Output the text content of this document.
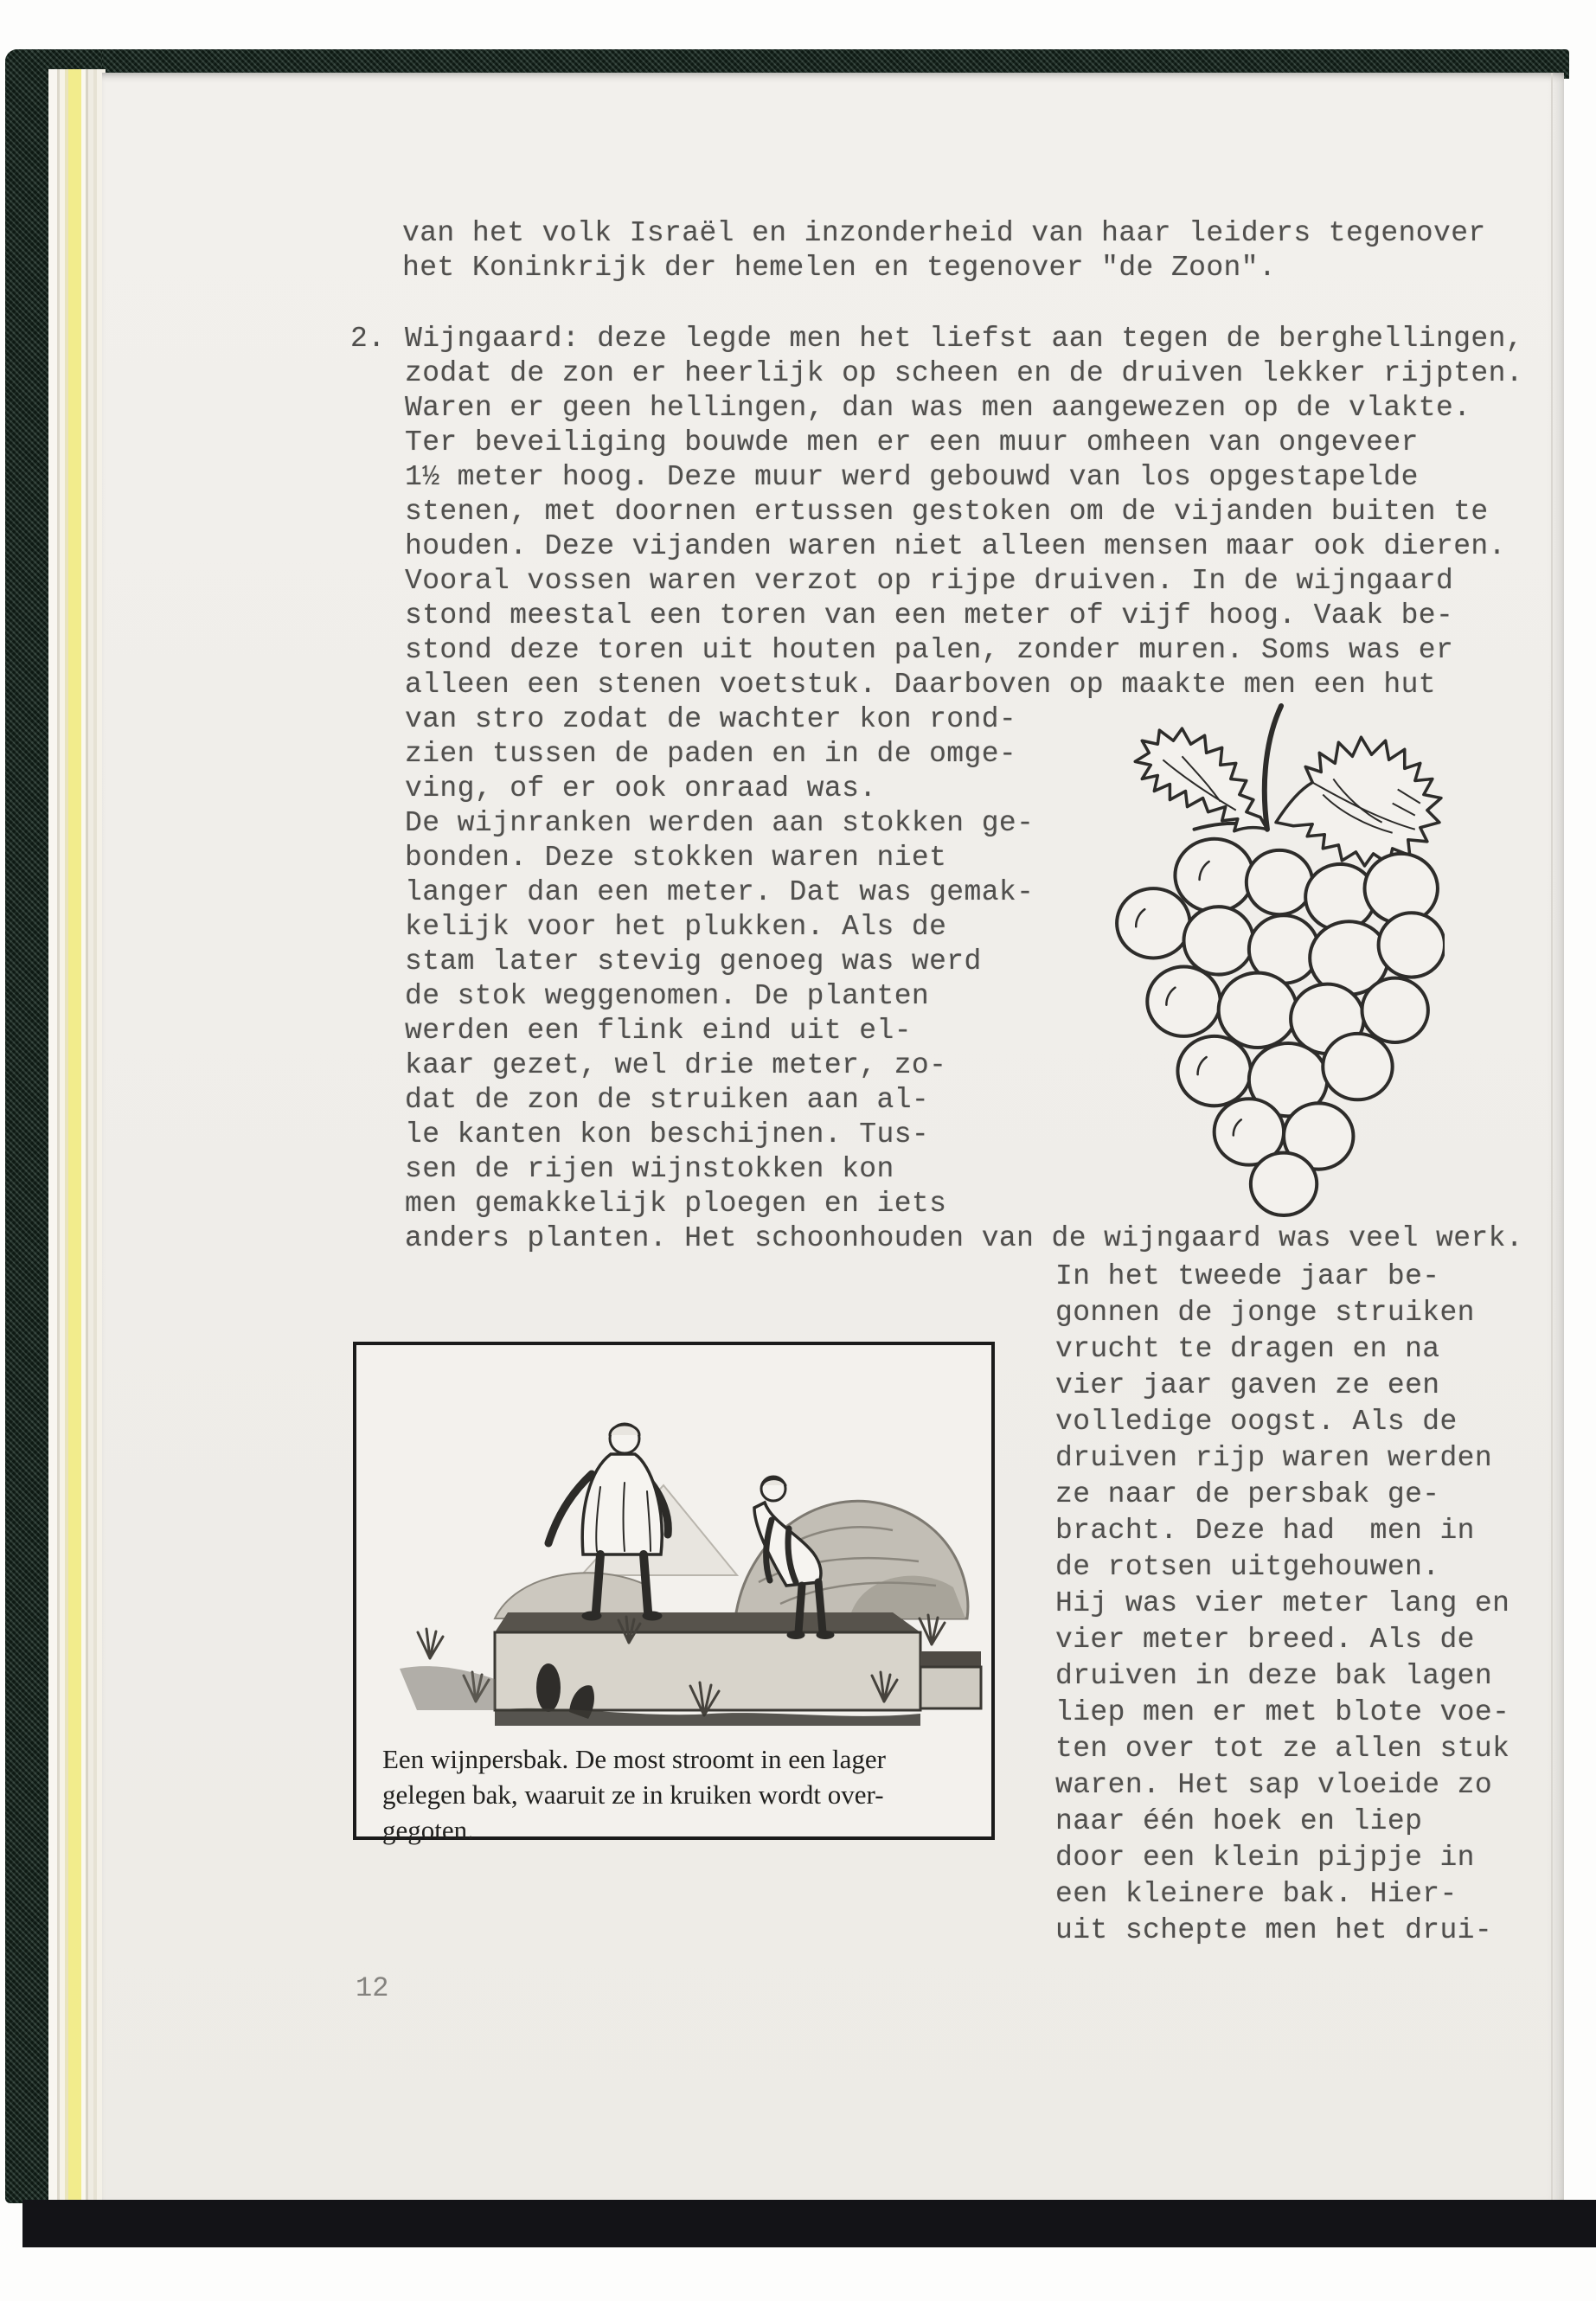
van het volk Israël en inzonderheid van haar leiders tegenover
het Koninkrijk der hemelen en tegenover "de Zoon".
2. Wijngaard: deze legde men het liefst aan tegen de berghellingen,
zodat de zon er heerlijk op scheen en de druiven lekker rijpten.
Waren er geen hellingen, dan was men aangewezen op de vlakte.
Ter beveiliging bouwde men er een muur omheen van ongeveer
1½ meter hoog. Deze muur werd gebouwd van los opgestapelde
stenen, met doornen ertussen gestoken om de vijanden buiten te
houden. Deze vijanden waren niet alleen mensen maar ook dieren.
Vooral vossen waren verzot op rijpe druiven. In de wijngaard
stond meestal een toren van een meter of vijf hoog. Vaak be-
stond deze toren uit houten palen, zonder muren. Soms was er
alleen een stenen voetstuk. Daarboven op maakte men een hut
van stro zodat de wachter kon rond-
zien tussen de paden en in de omge-
ving, of er ook onraad was.
De wijnranken werden aan stokken ge-
bonden. Deze stokken waren niet
langer dan een meter. Dat was gemak-
kelijk voor het plukken. Als de
stam later stevig genoeg was werd
de stok weggenomen. De planten
werden een flink eind uit el-
kaar gezet, wel drie meter, zo-
dat de zon de struiken aan al-
le kanten kon beschijnen. Tus-
sen de rijen wijnstokken kon
men gemakkelijk ploegen en iets
anders planten. Het schoonhouden van de wijngaard was veel werk.
In het tweede jaar be-
gonnen de jonge struiken
vrucht te dragen en na
vier jaar gaven ze een
volledige oogst. Als de
druiven rijp waren werden
ze naar de persbak ge-
bracht. Deze had  men in
de rotsen uitgehouwen.
Hij was vier meter lang en
vier meter breed. Als de
druiven in deze bak lagen
liep men er met blote voe-
ten over tot ze allen stuk
waren. Het sap vloeide zo
naar één hoek en liep
door een klein pijpje in
een kleinere bak. Hier-
uit schepte men het drui-
Een wijnpersbak. De most stroomt in een lager
gelegen bak, waaruit ze in kruiken wordt over-
gegoten.
12
